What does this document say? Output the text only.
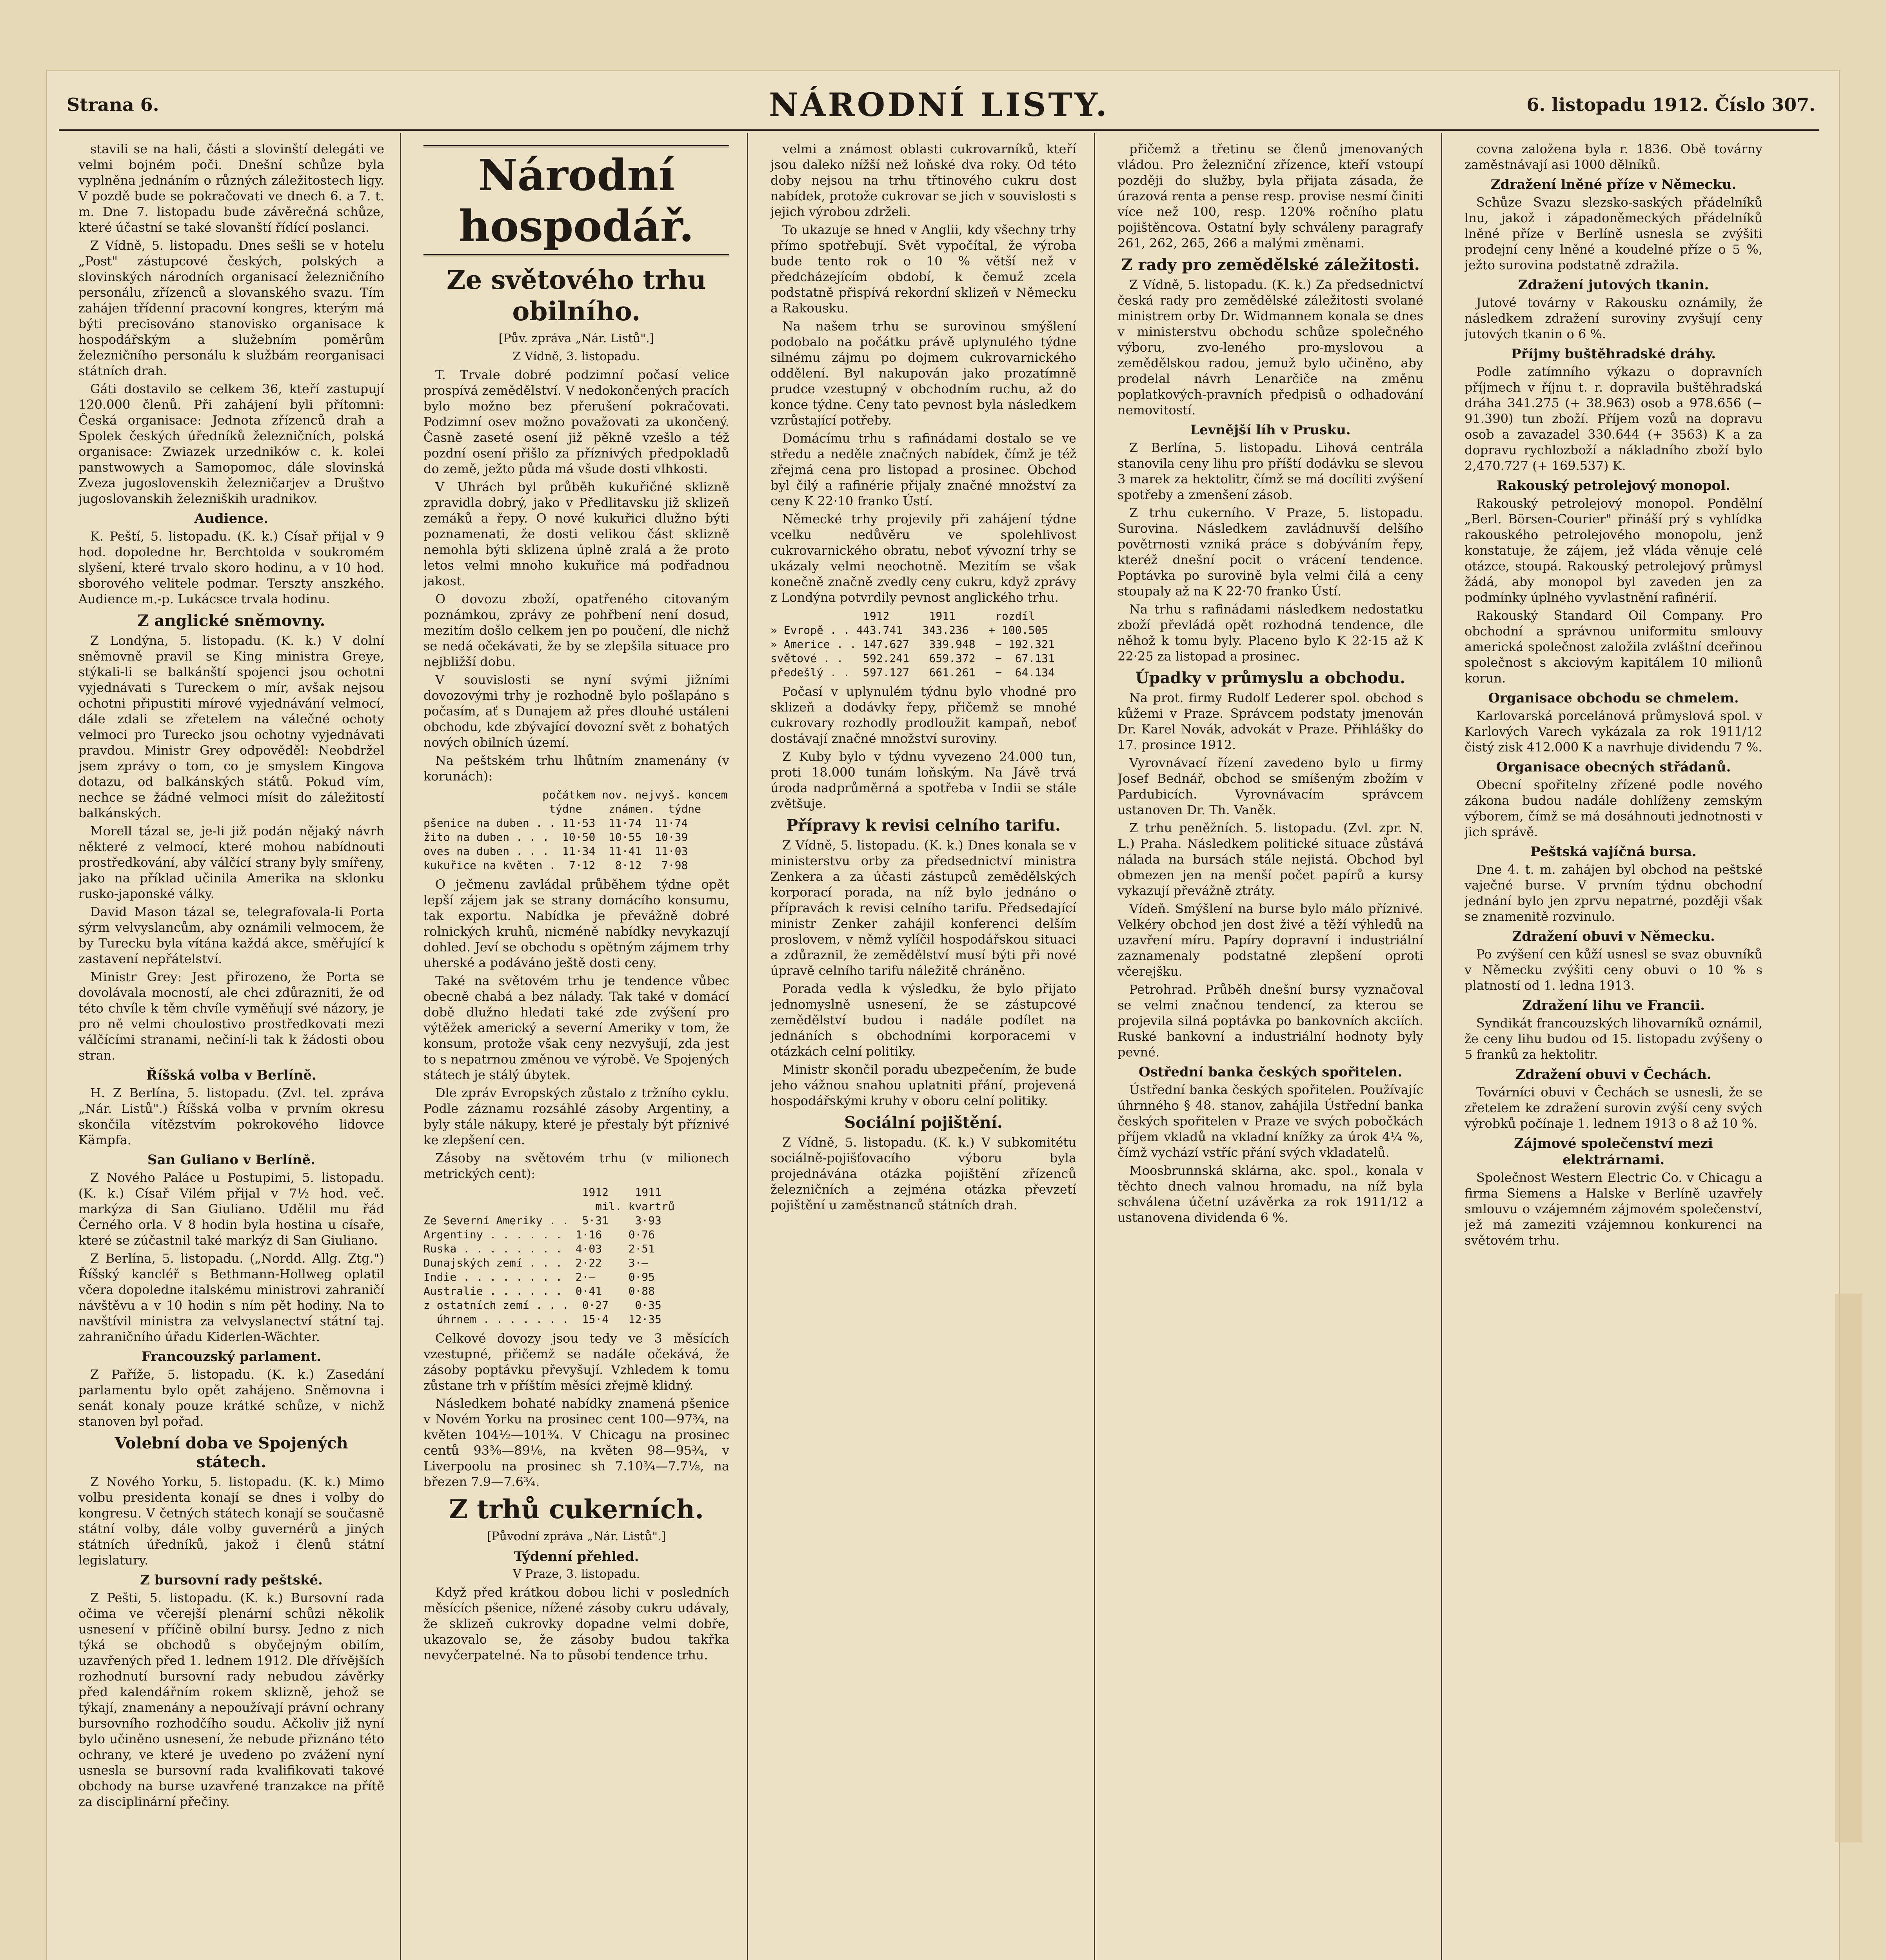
Strana 6.	NÁRODNÍ LISTY.	6. listopadu 1912. Číslo 307.

stavili se na hali, části a slovinští delegáti ve velmi bojném poči. Dnešní schůze byla vyplněna jednáním o různých záležitostech ligy. V pozdě bude se pokračovati ve dnech 6. a 7. t. m. Dne 7. listopadu bude závěrečná schůze, které účastní se také slovanští řídící poslanci.

Z Vídně, 5. listopadu. Dnes sešli se v hotelu „Post" zástupcové českých, polských a slovinských národních organisací železničního personálu, zřízenců a slovanského svazu. Tím zahájen třídenní pracovní kongres, kterým má býti precisováno stanovisko organisace k hospodářským a služebním poměrům železničního personálu k službám reorganisaci státních drah.

Gáti dostavilo se celkem 36, kteří zastupují 120.000 členů. Při zahájení byli přítomni: Česká organisace: Jednota zřízenců drah a Spolek českých úředníků železničních, polská organisace: Zwiazek urzedników c. k. kolei panstwowych a Samopomoc, dále slovinská Zveza jugoslovenskih železničarjev a Društvo jugoslovanskih železniških uradnikov.

Audience.

K. Peští, 5. listopadu. (K. k.) Císař přijal v 9 hod. dopoledne hr. Berchtolda v soukromém slyšení, které trvalo skoro hodinu, a v 10 hod. sborového velitele podmar. Terszty anszkého. Audience m.-p. Lukácsce trvala hodinu.

Z anglické sněmovny.

Z Londýna, 5. listopadu. (K. k.) V dolní sněmovně pravil se King ministra Greye, stýkali-li se balkánští spojenci jsou ochotni vyjednávati s Tureckem o mír, avšak nejsou ochotni připustiti mírové vyjednávání velmocí, dále zdali se zřetelem na válečné ochoty velmoci pro Turecko jsou ochotny vyjednávati pravdou. Ministr Grey odpověděl: Neobdržel jsem zprávy o tom, co je smyslem Kingova dotazu, od balkánských států. Pokud vím, nechce se žádné velmoci mísit do záležitostí balkánských.

Morell tázal se, je-li již podán nějaký návrh některé z velmocí, které mohou nabídnouti prostředkování, aby válčící strany byly smířeny, jako na příklad učinila Amerika na sklonku rusko-japonské války.

David Mason tázal se, telegrafovala-li Porta sýrm velvyslancům, aby oznámili velmocem, že by Turecku byla vítána každá akce, směřující k zastavení nepřátelství.

Ministr Grey: Jest přirozeno, že Porta se dovolávala mocností, ale chci zdůrazniti, že od této chvíle k těm chvíle vyměňují své názory, je pro ně velmi choulostivo prostředkovati mezi válčícími stranami, nečiní-li tak k žádosti obou stran.

Říšská volba v Berlíně.

H. Z Berlína, 5. listopadu. (Zvl. tel. zpráva „Nár. Listů".) Říšská volba v prvním okresu skončila vítězstvím pokrokového lidovce Kämpfa.

San Guliano v Berlíně.

Z Nového Paláce u Postupimi, 5. listopadu. (K. k.) Císař Vilém přijal v 7½ hod. več. markýza di San Giuliano. Udělil mu řád Černého orla. V 8 hodin byla hostina u císaře, které se zúčastnil také markýz di San Giuliano.

Z Berlína, 5. listopadu. („Nordd. Allg. Ztg.") Říšský kancléř s Bethmann-Hollweg oplatil včera dopoledne italskému ministrovi zahraničí návštěvu a v 10 hodin s ním pět hodiny. Na to navštívil ministra za velvyslanectví státní taj. zahraničního úřadu Kiderlen-Wächter.

Francouzský parlament.

Z Paříže, 5. listopadu. (K. k.) Zasedání parlamentu bylo opět zahájeno. Sněmovna i senát konaly pouze krátké schůze, v nichž stanoven byl pořad.

Volební doba ve Spojených státech.

Z Nového Yorku, 5. listopadu. (K. k.) Mimo volbu presidenta konají se dnes i volby do kongresu. V četných státech konají se současně státní volby, dále volby guvernérů a jiných státních úředníků, jakož i členů státní legislatury.

Z bursovní rady peštské.

Z Pešti, 5. listopadu. (K. k.) Bursovní rada očima ve včerejší plenární schůzi několik usnesení v příčině obilní bursy. Jedno z nich týká se obchodů s obyčejným obilím, uzavřených před 1. lednem 1912. Dle dřívějších rozhodnutí bursovní rady nebudou závěrky před kalendářním rokem sklizně, jehož se týkají, znamenány a nepoužívají právní ochrany bursovního rozhodčího soudu. Ačkoliv již nyní bylo učiněno usnesení, že nebude přiznáno této ochrany, ve které je uvedeno po zvážení nyní usnesla se bursovní rada kvalifikovati takové obchody na burse uzavřené tranzakce na přítě za disciplinární přečiny.

Národní hospodář.
Ze světového trhu obilního.

[Pův. zpráva „Nár. Listů".]

Z Vídně, 3. listopadu.

T. Trvale dobré podzimní počasí velice prospívá zemědělství. V nedokončených pracích bylo možno bez přerušení pokračovati. Podzimní osev možno považovati za ukončený. Časně zaseté osení již pěkně vzešlo a též pozdní osení přišlo za příznivých předpokladů do země, ježto půda má všude dosti vlhkosti.

V Uhrách byl průběh kukuřičné sklizně zpravidla dobrý, jako v Předlitavsku již sklizeň zemáků a řepy. O nové kukuřici dlužno býti poznamenati, že dosti velikou část sklizně nemohla býti sklizena úplně zralá a že proto letos velmi mnoho kukuřice má podřadnou jakost.

O dovozu zboží, opatřeného citovaným poznámkou, zprávy ze pohřbení není dosud, mezitím došlo celkem jen po poučení, dle nichž se nedá očekávati, že by se zlepšila situace pro nejbližší dobu.

V souvislosti se nyní svými jižními dovozovými trhy je rozhodně bylo pošlapáno s počasím, ať s Dunajem až přes dlouhé ustáleni obchodu, kde zbývající dovozní svět z bohatých nových obilních území.

Na peštském trhu lhůtním znamenány (v korunách):

počátkem nov. nejvyš. koncem
týdne    známen.  týdne
pšenice na duben . . 11·53  11·74  11·74
žito na duben . . .  10·50  10·55  10·39
oves na duben . . .  11·34  11·41  11·03
kukuřice na květen .  7·12   8·12   7·98

O ječmenu zavládal průběhem týdne opět lepší zájem jak se strany domácího konsumu, tak exportu. Nabídka je převážně dobré rolnických kruhů, nicméně nabídky nevykazují dohled. Jeví se obchodu s opětným zájmem trhy uherské a podáváno ještě dosti ceny.

Také na světovém trhu je tendence vůbec obecně chabá a bez nálady. Tak také v domácí době dlužno hledati také zde zvýšení pro výtěžek americký a severní Ameriky v tom, že konsum, protože však ceny nezvyšují, zda jest to s nepatrnou změnou ve výrobě. Ve Spojených státech je stálý úbytek.

Dle zpráv Evropských zůstalo z tržního cyklu. Podle záznamu rozsáhlé zásoby Argentiny, a byly stále nákupy, které je přestaly být příznivé ke zlepšení cen.

Zásoby na světovém trhu (v milionech metrických cent):

1912    1911
mil. kvartrů
Ze Severní Ameriky . .  5·31    3·93
Argentiny . . . . . .  1·16    0·76
Ruska . . . . . . . .  4·03    2·51
Dunajských zemí . . .  2·22    3·—
Indie . . . . . . . .  2·—     0·95
Australie . . . . . .  0·41    0·88
z ostatních zemí . . .  0·27    0·35
úhrnem . . . . . . .  15·4   12·35

Celkové dovozy jsou tedy ve 3 měsících vzestupné, přičemž se nadále očekává, že zásoby poptávku převyšují. Vzhledem k tomu zůstane trh v příštím měsíci zřejmě klidný.

Následkem bohaté nabídky znamená pšenice v Novém Yorku na prosinec cent 100—97¾, na květen 104½—101¾. V Chicagu na prosinec centů 93⅜—89⅛, na květen 98—95¾, v Liverpoolu na prosinec sh 7.10¾—7.7⅛, na březen 7.9—7.6¾.

Z trhů cukerních.

[Původní zpráva „Nár. Listů".]

Týdenní přehled.

V Praze, 3. listopadu.

Když před krátkou dobou lichi v posledních měsících pšenice, nížené zásoby cukru udávaly, že sklizeň cukrovky dopadne velmi dobře, ukazovalo se, že zásoby budou takřka nevyčerpatelné. Na to působí tendence trhu.

velmi a známost oblasti cukrovarníků, kteří jsou daleko nížší než loňské dva roky. Od této doby nejsou na trhu třtinového cukru dost nabídek, protože cukrovar se jich v souvislosti s jejich výrobou zdrželi.

To ukazuje se hned v Anglii, kdy všechny trhy přímo spotřebují. Svět vypočítal, že výroba bude tento rok o 10 % větší než v předcházejícím období, k čemuž zcela podstatně přispívá rekordní sklizeň v Německu a Rakousku.

Na našem trhu se surovinou smýšlení podobalo na počátku právě uplynulého týdne silnému zájmu po dojmem cukrovarnického oddělení. Byl nakupován jako prozatímně prudce vzestupný v obchodním ruchu, až do konce týdne. Ceny tato pevnost byla následkem vzrůstající potřeby.

Domácímu trhu s rafinádami dostalo se ve středu a neděle značných nabídek, čímž je též zřejmá cena pro listopad a prosinec. Obchod byl čilý a rafinérie přijaly značné množství za ceny K 22·10 franko Ústí.

Německé trhy projevily při zahájení týdne vcelku nedůvěru ve spolehlivost cukrovarnického obratu, neboť vývozní trhy se ukázaly velmi neochotně. Mezitím se však konečně značně zvedly ceny cukru, když zprávy z Londýna potvrdily pevnost anglického trhu.

1912      1911      rozdíl
» Evropě . . 443.741   343.236   + 100.505
» Americe . . 147.627   339.948   − 192.321
světové . .   592.241   659.372   −  67.131
předešlý . .  597.127   661.261   −  64.134

Počasí v uplynulém týdnu bylo vhodné pro sklizeň a dodávky řepy, přičemž se mnohé cukrovary rozhodly prodloužit kampaň, neboť dostávají značné množství suroviny.

Z Kuby bylo v týdnu vyvezeno 24.000 tun, proti 18.000 tunám loňským. Na Jávě trvá úroda nadprůměrná a spotřeba v Indii se stále zvětšuje.

Přípravy k revisi celního tarifu.

Z Vídně, 5. listopadu. (K. k.) Dnes konala se v ministerstvu orby za předsednictví ministra Zenkera a za účasti zástupců zemědělských korporací porada, na níž bylo jednáno o přípravách k revisi celního tarifu. Předsedající ministr Zenker zahájil konferenci delším proslovem, v němž vylíčil hospodářskou situaci a zdůraznil, že zemědělství musí býti při nové úpravě celního tarifu náležitě chráněno.

Porada vedla k výsledku, že bylo přijato jednomyslně usnesení, že se zástupcové zemědělství budou i nadále podílet na jednáních s obchodními korporacemi v otázkách celní politiky.

Ministr skončil poradu ubezpečením, že bude jeho vážnou snahou uplatniti přání, projevená hospodářskými kruhy v oboru celní politiky.

Sociální pojištění.

Z Vídně, 5. listopadu. (K. k.) V subkomitétu sociálně-pojišťovacího výboru byla projednávána otázka pojištění zřízenců železničních a zejména otázka převzetí pojištění u zaměstnanců státních drah.

přičemž a třetinu se členů jmenovaných vládou. Pro železniční zřízence, kteří vstoupí později do služby, byla přijata zásada, že úrazová renta a pense resp. provise nesmí činiti více než 100, resp. 120% ročního platu pojištěncova. Ostatní byly schváleny paragrafy 261, 262, 265, 266 a malými změnami.

Z rady pro zemědělské záležitosti.

Z Vídně, 5. listopadu. (K. k.) Za předsednictví česká rady pro zemědělské záležitosti svolané ministrem orby Dr. Widmannem konala se dnes v ministerstvu obchodu schůze společného výboru, zvo-leného pro-myslovou a zemědělskou radou, jemuž bylo učiněno, aby prodelal návrh Lenarčiče na změnu poplatkových-pravních předpisů o odhadování nemovitostí.

Levnější líh v Prusku.

Z Berlína, 5. listopadu. Lihová centrála stanovila ceny lihu pro příští dodávku se slevou 3 marek za hektolitr, čímž se má docíliti zvýšení spotřeby a zmenšení zásob.

Z trhu cukerního. V Praze, 5. listopadu. Surovina. Následkem zavládnuvší delšího povětrnosti vzniká práce s dobýváním řepy, kteréž dnešní pocit o vrácení tendence. Poptávka po surovině byla velmi čilá a ceny stoupaly až na K 22·70 franko Ústí.

Na trhu s rafinádami následkem nedostatku zboží převládá opět rozhodná tendence, dle něhož k tomu byly. Placeno bylo K 22·15 až K 22·25 za listopad a prosinec.

Úpadky v průmyslu a obchodu.

Na prot. firmy Rudolf Lederer spol. obchod s kůžemi v Praze. Správcem podstaty jmenován Dr. Karel Novák, advokát v Praze. Přihlášky do 17. prosince 1912.

Vyrovnávací řízení zavedeno bylo u firmy Josef Bednář, obchod se smíšeným zbožím v Pardubicích. Vyrovnávacím správcem ustanoven Dr. Th. Vaněk.

Z trhu peněžních. 5. listopadu. (Zvl. zpr. N. L.) Praha. Následkem politické situace zůstává nálada na bursách stále nejistá. Obchod byl obmezen jen na menší počet papírů a kursy vykazují převážně ztráty.

Vídeň. Smýšlení na burse bylo málo příznivé. Velkéry obchod jen dost živé a těží výhledů na uzavření míru. Papíry dopravní i industriální zaznamenaly podstatné zlepšení oproti včerejšku.

Petrohrad. Průběh dnešní bursy vyznačoval se velmi značnou tendencí, za kterou se projevila silná poptávka po bankovních akciích. Ruské bankovní a industriální hodnoty byly pevné.

Ostřední banka českých spořitelen.

Ústřední banka českých spořitelen. Používajíc úhrnného § 48. stanov, zahájila Ústřední banka českých spořitelen v Praze ve svých pobočkách příjem vkladů na vkladní knížky za úrok 4¼ %, čímž vychází vstříc přání svých vkladatelů.

Moosbrunnská sklárna, akc. spol., konala v těchto dnech valnou hromadu, na níž byla schválena účetní uzávěrka za rok 1911/12 a ustanovena dividenda 6 %.

covna založena byla r. 1836. Obě továrny zaměstnávají asi 1000 dělníků.

Zdražení lněné příze v Německu.

Schůze Svazu slezsko-saských přádelníků lnu, jakož i západoněmeckých přádelníků lněné příze v Berlíně usnesla se zvýšiti prodejní ceny lněné a koudelné příze o 5 %, ježto surovina podstatně zdražila.

Zdražení jutových tkanin.

Jutové továrny v Rakousku oznámily, že následkem zdražení suroviny zvyšují ceny jutových tkanin o 6 %.

Příjmy buštěhradské dráhy.

Podle zatímního výkazu o dopravních příjmech v říjnu t. r. dopravila buštěhradská dráha 341.275 (+ 38.963) osob a 978.656 (− 91.390) tun zboží. Příjem vozů na dopravu osob a zavazadel 330.644 (+ 3563) K a za dopravu rychlozboží a nákladního zboží bylo 2,470.727 (+ 169.537) K.

Rakouský petrolejový monopol.

Rakouský petrolejový monopol. Pondělní „Berl. Börsen-Courier" přináší prý s vyhlídka rakouského petrolejového monopolu, jenž konstatuje, že zájem, jež vláda věnuje celé otázce, stoupá. Rakouský petrolejový průmysl žádá, aby monopol byl zaveden jen za podmínky úplného vyvlastnění rafinérií.

Rakouský Standard Oil Company. Pro obchodní a správnou uniformitu smlouvy americká společnost založila zvláštní dceřinou společnost s akciovým kapitálem 10 milionů korun.

Organisace obchodu se chmelem.

Karlovarská porcelánová průmyslová spol. v Karlových Varech vykázala za rok 1911/12 čistý zisk 412.000 K a navrhuje dividendu 7 %.

Organisace obecných střádanů.

Obecní spořitelny zřízené podle nového zákona budou nadále dohlíženy zemským výborem, čímž se má dosáhnouti jednotnosti v jich správě.

Peštská vajíčná bursa.

Dne 4. t. m. zahájen byl obchod na peštské vaječné burse. V prvním týdnu obchodní jednání bylo jen zprvu nepatrné, později však se znamenitě rozvinulo.

Zdražení obuvi v Německu.

Po zvýšení cen kůží usnesl se svaz obuvníků v Německu zvýšiti ceny obuvi o 10 % s platností od 1. ledna 1913.

Zdražení lihu ve Francii.

Syndikát francouzských lihovarníků oznámil, že ceny lihu budou od 15. listopadu zvýšeny o 5 franků za hektolitr.

Zdražení obuvi v Čechách.

Továrníci obuvi v Čechách se usnesli, že se zřetelem ke zdražení surovin zvýší ceny svých výrobků počínaje 1. lednem 1913 o 8 až 10 %.

Zájmové společenství mezi elektrárnami.

Společnost Western Electric Co. v Chicagu a firma Siemens a Halske v Berlíně uzavřely smlouvu o vzájemném zájmovém společenství, jež má zameziti vzájemnou konkurenci na světovém trhu.
